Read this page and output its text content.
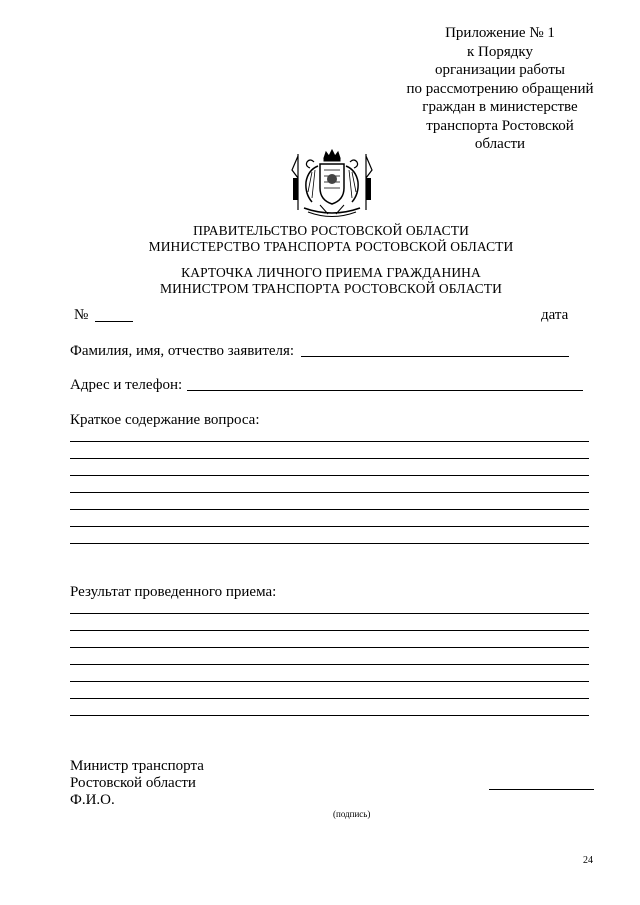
Приложение № 1
к Порядку
организации работы
по рассмотрению обращений
граждан в министерстве
транспорта Ростовской
области
ПРАВИТЕЛЬСТВО РОСТОВСКОЙ ОБЛАСТИ
МИНИСТЕРСТВО ТРАНСПОРТА РОСТОВСКОЙ ОБЛАСТИ
КАРТОЧКА ЛИЧНОГО ПРИЕМА ГРАЖДАНИНА
МИНИСТРОМ ТРАНСПОРТА РОСТОВСКОЙ ОБЛАСТИ
№	дата
Фамилия, имя, отчество заявителя:
Адрес и телефон:
Краткое содержание вопроса:
Результат проведенного приема:
Министр транспорта
Ростовской области
Ф.И.О.
(подпись)
24
